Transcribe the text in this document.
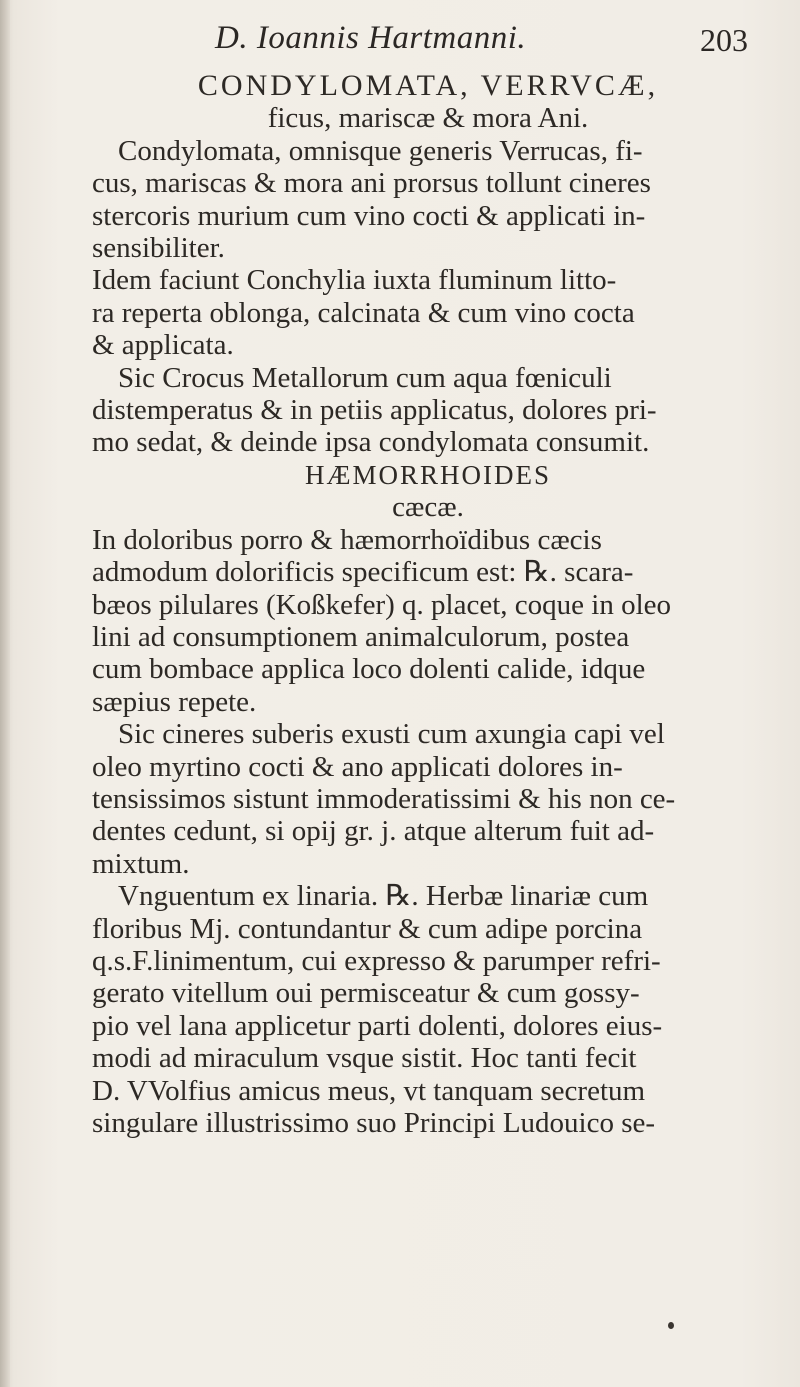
D. Ioannis Hartmanni.	203
CONDYLOMATA, VERRVCÆ,
ficus, mariscæ & mora Ani.
Condylomata, omnisque generis Verrucas, fi-
cus, mariscas & mora ani prorsus tollunt cineres
stercoris murium cum vino cocti & applicati in-
sensibiliter.
Idem faciunt Conchylia iuxta fluminum litto-
ra reperta oblonga, calcinata & cum vino cocta
& applicata.
Sic Crocus Metallorum cum aqua fœniculi
distemperatus & in petiis applicatus, dolores pri-
mo sedat, & deinde ipsa condylomata consumit.
HÆMORRHOIDES
cæcæ.
In doloribus porro & hæmorrhoïdibus cæcis
admodum dolorificis specificum est: ℞. scara-
bæos pilulares (Koßkefer) q. placet, coque in oleo
lini ad consumptionem animalculorum, postea
cum bombace applica loco dolenti calide, idque
sæpius repete.
Sic cineres suberis exusti cum axungia capi vel
oleo myrtino cocti & ano applicati dolores in-
tensissimos sistunt immoderatissimi & his non ce-
dentes cedunt, si opij gr. j. atque alterum fuit ad-
mixtum.
Vnguentum ex linaria. ℞. Herbæ linariæ cum
floribus Mj. contundantur & cum adipe porcina
q.s.F.linimentum, cui expresso & parumper refri-
gerato vitellum oui permisceatur & cum gossy-
pio vel lana applicetur parti dolenti, dolores eius-
modi ad miraculum vsque sistit. Hoc tanti fecit
D. VVolfius amicus meus, vt tanquam secretum
singulare illustrissimo suo Principi Ludouico se-
